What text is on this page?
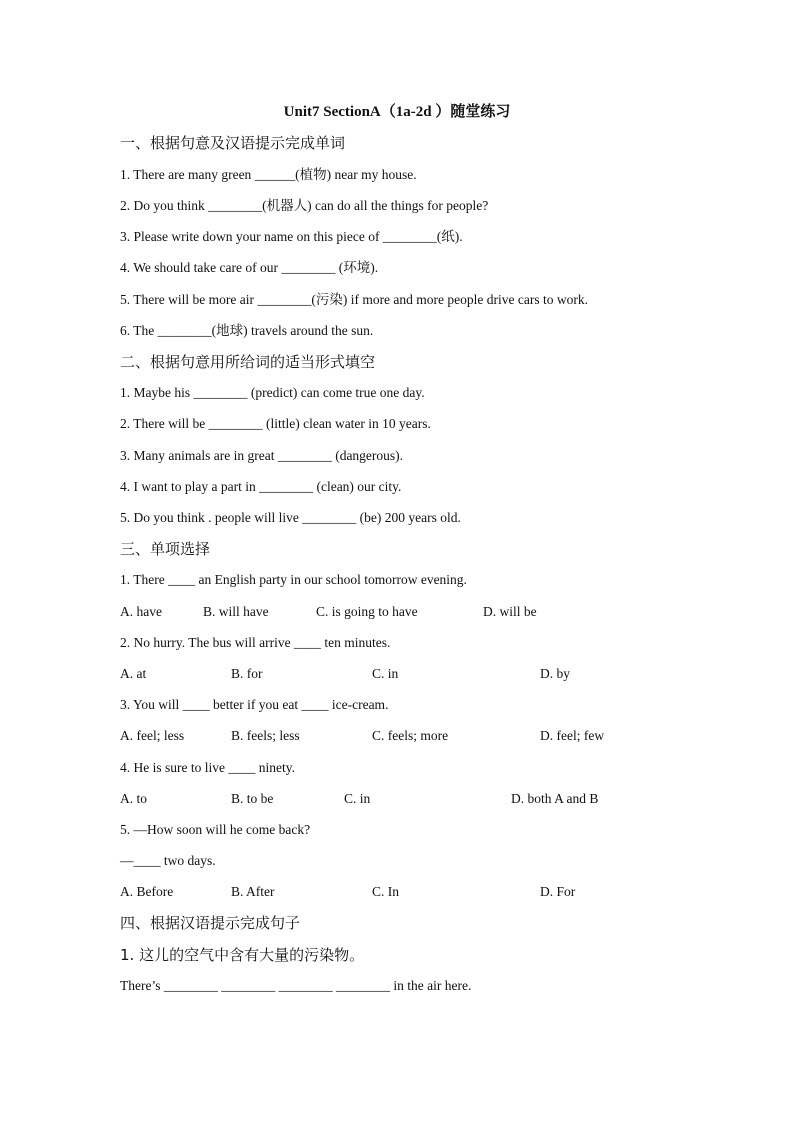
Unit7 SectionA（1a-2d ）随堂练习
一、根据句意及汉语提示完成单词
1. There are many green ______(植物) near my house.
2. Do you think ________(机器人) can do all the things for people?
3. Please write down your name on this piece of ________(纸).
4. We should take care of our ________ (环境).
5. There will be more air ________(污染) if more and more people drive cars to work.
6. The ________(地球) travels around the sun.
二、根据句意用所给词的适当形式填空
1. Maybe his ________ (predict) can come true one day.
2. There will be ________ (little) clean water in 10 years.
3. Many animals are in great ________ (dangerous).
4. I want to play a part in ________ (clean) our city.
5. Do you think . people will live ________ (be) 200 years old.
三、单项选择
1. There ____ an English party in our school tomorrow evening.
A. have	B. will have	C. is going to have	D. will be
2. No hurry. The bus will arrive ____ ten minutes.
A. at	B. for	C. in	D. by
3. You will ____ better if you eat ____ ice-cream.
A. feel; less	B. feels; less	C. feels; more	D. feel; few
4. He is sure to live ____ ninety.
A. to	B. to be	C. in	D. both A and B
5. —How soon will he come back?
—____ two days.
A. Before	B. After	C. In	D. For
四、根据汉语提示完成句子
1. 这儿的空气中含有大量的污染物。
There’s ________ ________ ________ ________ in the air here.
